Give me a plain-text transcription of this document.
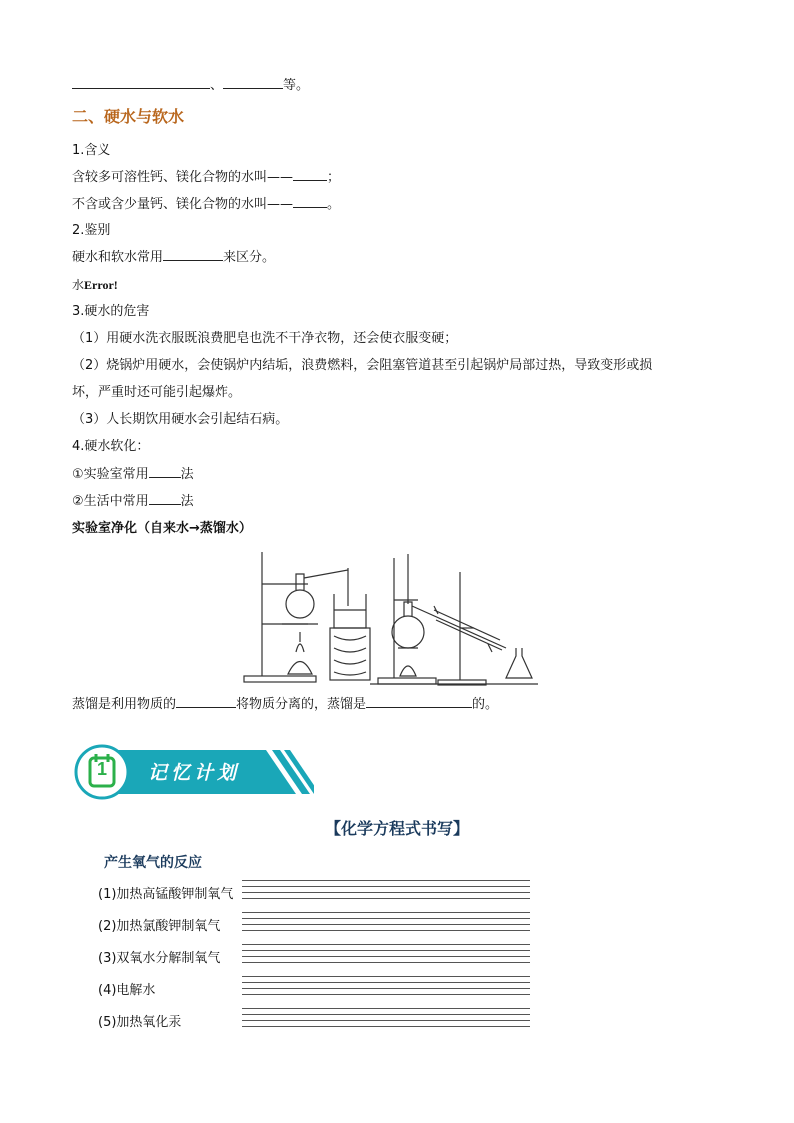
、	等。
二、硬水与软水
1.含义
含较多可溶性钙、镁化合物的水叫——	；
不含或含少量钙、镁化合物的水叫——	。
2.鉴别
硬水和软水常用	来区分。
水Error!
3.硬水的危害
（1）用硬水洗衣服既浪费肥皂也洗不干净衣物，还会使衣服变硬；
（2）烧锅炉用硬水，会使锅炉内结垢，浪费燃料，会阻塞管道甚至引起锅炉局部过热，导致变形或损
坏，严重时还可能引起爆炸。
（3）人长期饮用硬水会引起结石病。
4.硬水软化：
①实验室常用 法
②生活中常用 法
实验室净化（自来水→蒸馏水）
蒸馏是利用物质的	将物质分离的，蒸馏是	的。
1 记忆计划
【化学方程式书写】
产生氧气的反应
(1)加热高锰酸钾制氧气
(2)加热氯酸钾制氧气
(3)双氧水分解制氧气
(4)电解水
(5)加热氧化汞
